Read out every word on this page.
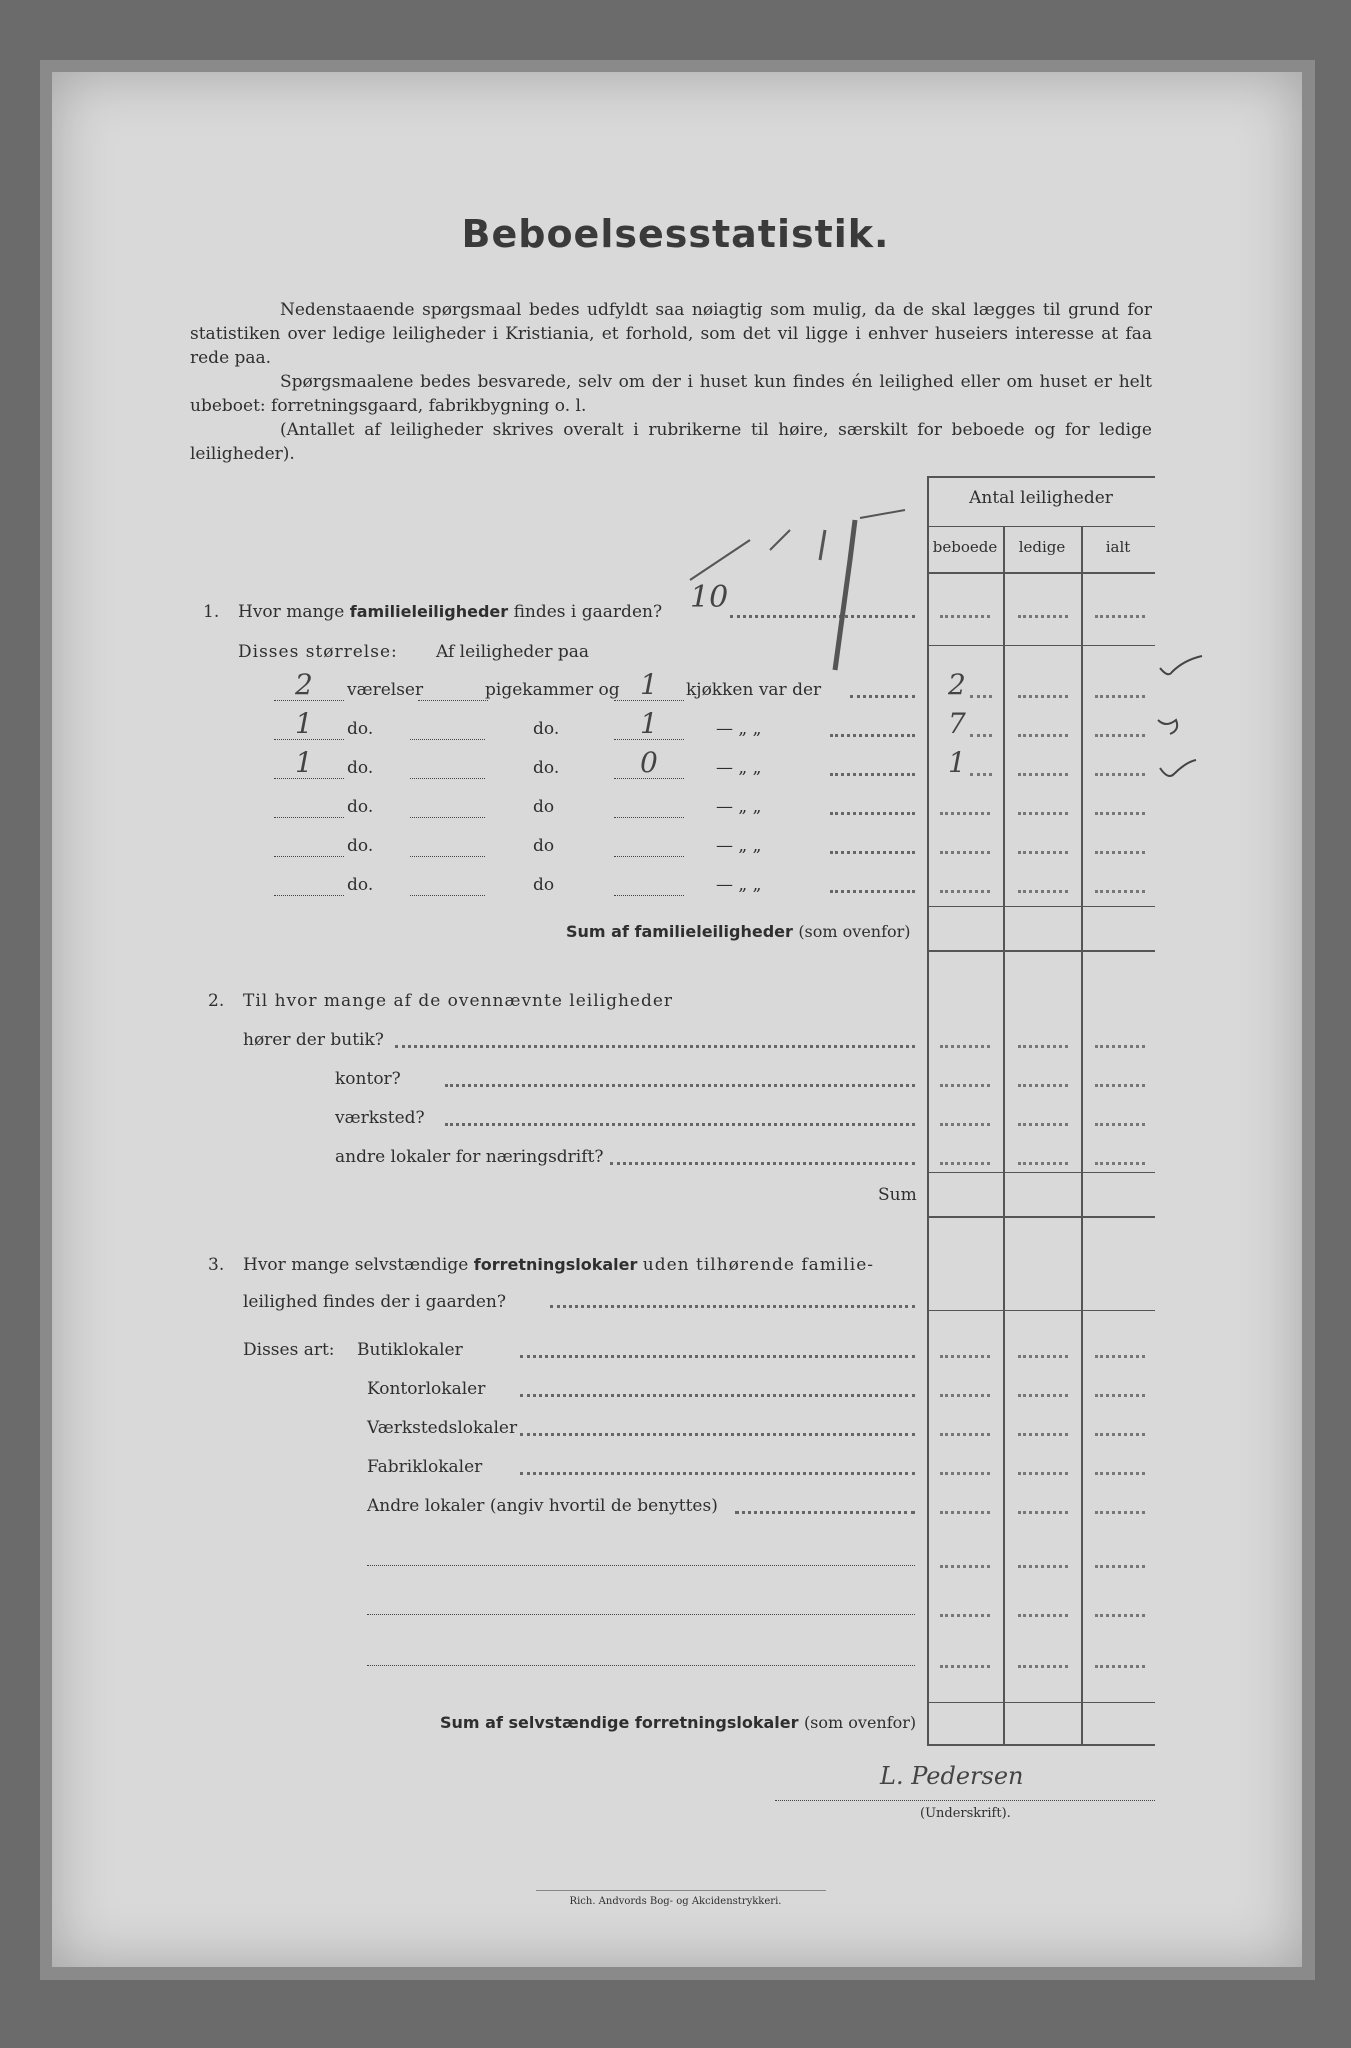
Beboelsesstatistik.
Nedenstaaende spørgsmaal bedes udfyldt saa nøiagtig som mulig, da de skal lægges til grund for statistiken over ledige leiligheder i Kristiania, et forhold, som det vil ligge i enhver huseiers interesse at faa rede paa.
Spørgsmaalene bedes besvarede, selv om der i huset kun findes én leilighed eller om huset er helt ubeboet: forretningsgaard, fabrikbygning o. l.
(Antallet af leiligheder skrives overalt i rubrikerne til høire, særskilt for beboede og for ledige leiligheder).
Antal leiligheder
beboede	ledige	ialt
1. Hvor mange familieleiligheder findes i gaarden? 10
Disses størrelse: Af leiligheder paa
2 værelser	pigekammer og 1 kjøkken var der	2
1 do.	do.	1	— „ „	7
1 do.	do.	0	— „ „	1
do.	do	— „ „
do.	do	— „ „
do.	do	— „ „
Sum af familieleiligheder (som ovenfor)
2. Til hvor mange af de ovennævnte leiligheder
hører der butik?
kontor?
værksted?
andre lokaler for næringsdrift?
Sum
3. Hvor mange selvstændige forretningslokaler uden tilhørende familie-
leilighed findes der i gaarden?
Disses art: Butiklokaler
Kontorlokaler
Værkstedslokaler
Fabriklokaler
Andre lokaler (angiv hvortil de benyttes)
Sum af selvstændige forretningslokaler (som ovenfor)
L. Pedersen
(Underskrift).
Rich. Andvords Bog- og Akcidenstrykkeri.
